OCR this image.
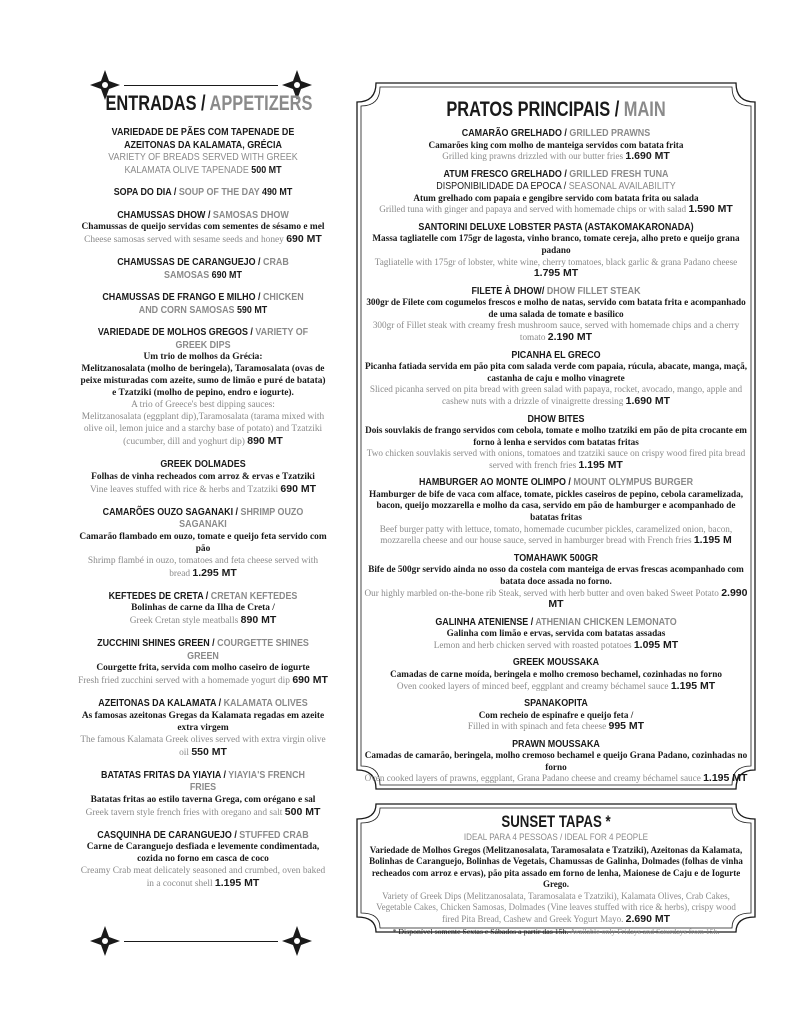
ENTRADAS / APPETIZERS
VARIEDADE DE PÃES COM TAPENADE DE AZEITONAS DA KALAMATA, GRÉCIA
VARIETY OF BREADS SERVED WITH GREEK KALAMATA OLIVE TAPENADE 500 MT
SOPA DO DIA / SOUP OF THE DAY 490 MT
CHAMUSSAS DHOW / SAMOSAS DHOW
Chamussas de queijo servidas com sementes de sésamo e mel
Cheese samosas served with sesame seeds and honey 690 MT
CHAMUSSAS DE CARANGUEJO / CRAB SAMOSAS 690 MT
CHAMUSSAS DE FRANGO E MILHO / CHICKEN AND CORN SAMOSAS 590 MT
VARIEDADE DE MOLHOS GREGOS / VARIETY OF GREEK DIPS
Um trio de molhos da Grécia:
Melitzanosalata (molho de beringela), Taramosalata (ovas de peixe misturadas com azeite, sumo de limão e puré de batata) e Tzatziki (molho de pepino, endro e iogurte).
A trio of Greece's best dipping sauces:
Melitzanosalata (eggplant dip),Taramosalata (tarama mixed with olive oil, lemon juice and a starchy base of potato) and Tzatziki (cucumber, dill and yoghurt dip) 890 MT
GREEK DOLMADES
Folhas de vinha recheados com arroz & ervas e Tzatziki
Vine leaves stuffed with rice & herbs and Tzatziki 690 MT
CAMARÕES OUZO SAGANAKI / SHRIMP OUZO SAGANAKI
Camarão flambado em ouzo, tomate e queijo feta servido com pão
Shrimp flambé in ouzo, tomatoes and feta cheese served with bread 1.295 MT
KEFTEDES DE CRETA / CRETAN KEFTEDES
Bolinhas de carne da Ilha de Creta /
Greek Cretan style meatballs 890 MT
ZUCCHINI SHINES GREEN / COURGETTE SHINES GREEN
Courgette frita, servida com molho caseiro de iogurte
Fresh fried zucchini served with a homemade yogurt dip 690 MT
AZEITONAS DA KALAMATA / KALAMATA OLIVES
As famosas azeitonas Gregas da Kalamata regadas em azeite extra virgem
The famous Kalamata Greek olives served with extra virgin olive oil 550 MT
BATATAS FRITAS DA YIAYIA / YIAYIA'S FRENCH FRIES
Batatas fritas ao estilo taverna Grega, com orégano e sal
Greek tavern style french fries with oregano and salt 500 MT
CASQUINHA DE CARANGUEJO / STUFFED CRAB
Carne de Caranguejo desfiada e levemente condimentada, cozida no forno em casca de coco
Creamy Crab meat delicately seasoned and crumbed, oven baked in a coconut shell 1.195 MT
PRATOS PRINCIPAIS / MAIN
CAMARÃO GRELHADO / GRILLED PRAWNS
Camarões king com molho de manteiga servidos com batata frita
Grilled king prawns drizzled with our butter fries 1.690 MT
ATUM FRESCO GRELHADO / GRILLED FRESH TUNA
DISPONIBILIDADE DA EPOCA / SEASONAL AVAILABILITY
Atum grelhado com papaia e gengibre servido com batata frita ou salada
Grilled tuna with ginger and papaya and served with homemade chips or with salad 1.590 MT
SANTORINI DELUXE LOBSTER PASTA (ASTAKOMAKARONADA)
Massa tagliatelle com 175gr de lagosta, vinho branco, tomate cereja, alho preto e queijo grana padano
Tagliatelle with 175gr of lobster, white wine, cherry tomatoes, black garlic & grana Padano cheese 1.795 MT
FILETE À DHOW/ DHOW FILLET STEAK
300gr de Filete com cogumelos frescos e molho de natas, servido com batata frita e acompanhado de uma salada de tomate e basílico
300gr of Fillet steak with creamy fresh mushroom sauce, served with homemade chips and a cherry tomato 2.190 MT
PICANHA EL GRECO
Picanha fatiada servida em pão pita com salada verde com papaia, rúcula, abacate, manga, maçã, castanha de caju e molho vinagrete
Sliced picanha served on pita bread with green salad with papaya, rocket, avocado, mango, apple and cashew nuts with a drizzle of vinaigrette dressing 1.690 MT
DHOW BITES
Dois souvlakis de frango servidos com cebola, tomate e molho tzatziki em pão de pita crocante em forno à lenha e servidos com batatas fritas
Two chicken souvlakis served with onions, tomatoes and tzatziki sauce on crispy wood fired pita bread served with french fries 1.195 MT
HAMBURGER AO MONTE OLIMPO / MOUNT OLYMPUS BURGER
Hamburger de bife de vaca com alface, tomate, pickles caseiros de pepino, cebola caramelizada, bacon, queijo mozzarella e molho da casa, servido em pão de hamburger e acompanhado de batatas fritas
Beef burger patty with lettuce, tomato, homemade cucumber pickles, caramelized onion, bacon, mozzarella cheese and our house sauce, served in hamburger bread with French fries 1.195 M
TOMAHAWK 500GR
Bife de 500gr servido ainda no osso da costela com manteiga de ervas frescas acompanhado com batata doce assada no forno.
Our highly marbled on-the-bone rib Steak, served with herb butter and oven baked Sweet Potato 2.990 MT
GALINHA ATENIENSE / ATHENIAN CHICKEN LEMONATO
Galinha com limão e ervas, servida com batatas assadas
Lemon and herb chicken served with roasted potatoes 1.095 MT
GREEK MOUSSAKA
Camadas de carne moída, beringela e molho cremoso bechamel, cozinhadas no forno
Oven cooked layers of minced beef, eggplant and creamy béchamel sauce 1.195 MT
SPANAKOPITA
Com recheio de espinafre e queijo feta /
Filled in with spinach and feta cheese 995 MT
PRAWN MOUSSAKA
Camadas de camarão, beringela, molho cremoso bechamel e queijo Grana Padano, cozinhadas no forno
Oven cooked layers of prawns, eggplant, Grana Padano cheese and creamy béchamel sauce 1.195 MT
SUNSET TAPAS *
IDEAL PARA 4 PESSOAS / IDEAL FOR 4 PEOPLE
Variedade de Molhos Gregos (Melitzanosalata, Taramosalata e Tzatziki), Azeitonas da Kalamata, Bolinhas de Caranguejo, Bolinhas de Vegetais, Chamussas de Galinha, Dolmades (folhas de vinha recheados com arroz e ervas), pão pita assado em forno de lenha, Maionese de Caju e de Iogurte Grego.
Variety of Greek Dips (Melitzanosalata, Taramosalata e Tzatziki), Kalamata Olives, Crab Cakes, Vegetable Cakes, Chicken Samosas, Dolmades (Vine leaves stuffed with rice & herbs), crispy wood fired Pita Bread, Cashew and Greek Yogurt Mayo. 2.690 MT
* Disponível somente Sextas e Sábados a partir das 15h. Available only Fridays and Saturdays from 15h.
